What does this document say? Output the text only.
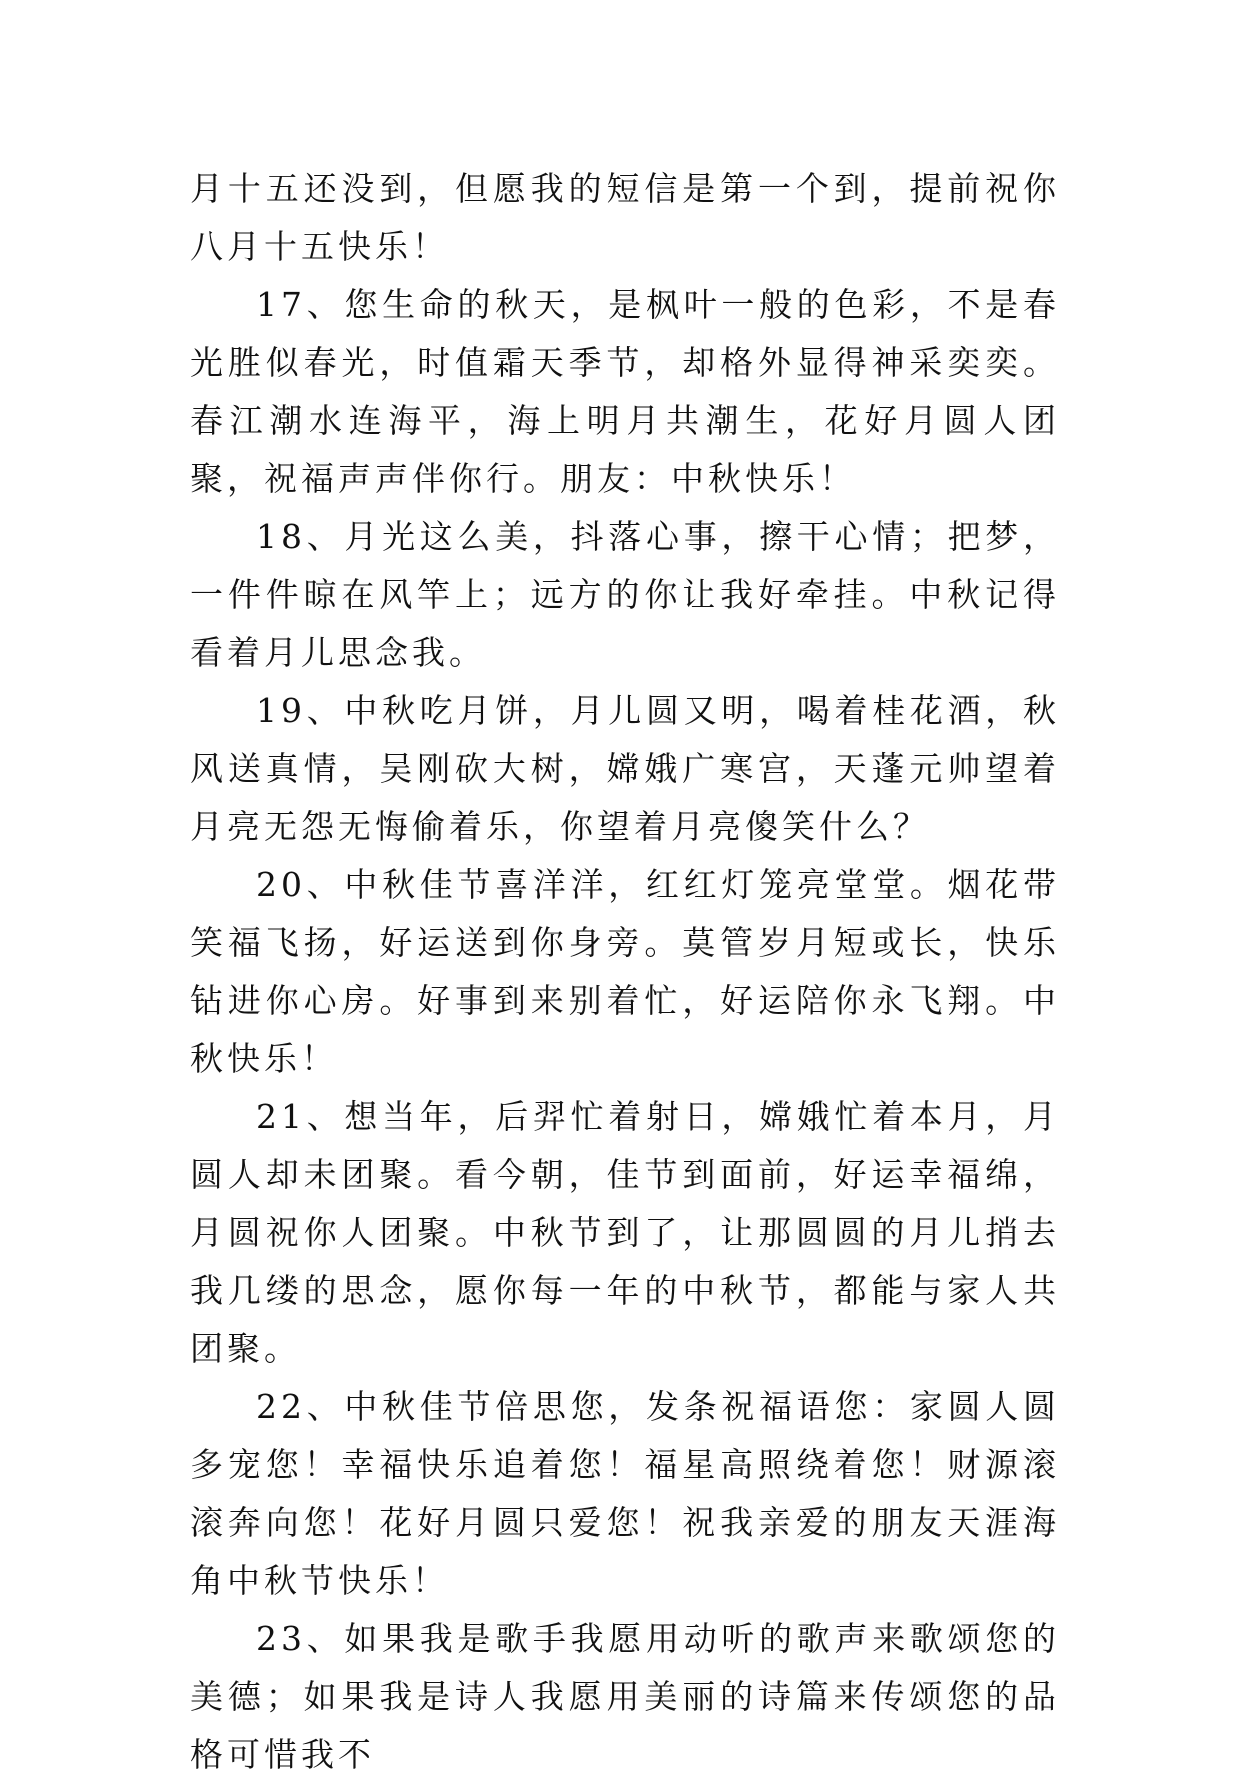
月十五还没到，但愿我的短信是第一个到，提前祝你八月十五快乐！

17、您生命的秋天，是枫叶一般的色彩，不是春光胜似春光，时值霜天季节，却格外显得神采奕奕。春江潮水连海平，海上明月共潮生，花好月圆人团聚，祝福声声伴你行。朋友：中秋快乐！

18、月光这么美，抖落心事，擦干心情；把梦，一件件晾在风竿上；远方的你让我好牵挂。中秋记得看着月儿思念我。

19、中秋吃月饼，月儿圆又明，喝着桂花酒，秋风送真情，吴刚砍大树，嫦娥广寒宫，天蓬元帅望着月亮无怨无悔偷着乐，你望着月亮傻笑什么？

20、中秋佳节喜洋洋，红红灯笼亮堂堂。烟花带笑福飞扬，好运送到你身旁。莫管岁月短或长，快乐钻进你心房。好事到来别着忙，好运陪你永飞翔。中秋快乐！

21、想当年，后羿忙着射日，嫦娥忙着本月，月圆人却未团聚。看今朝，佳节到面前，好运幸福绵，月圆祝你人团聚。中秋节到了，让那圆圆的月儿捎去我几缕的思念，愿你每一年的中秋节，都能与家人共团聚。

22、中秋佳节倍思您，发条祝福语您：家圆人圆多宠您！幸福快乐追着您！福星高照绕着您！财源滚滚奔向您！花好月圆只爱您！祝我亲爱的朋友天涯海角中秋节快乐！

23、如果我是歌手我愿用动听的歌声来歌颂您的美德；如果我是诗人我愿用美丽的诗篇来传颂您的品格可惜我不
